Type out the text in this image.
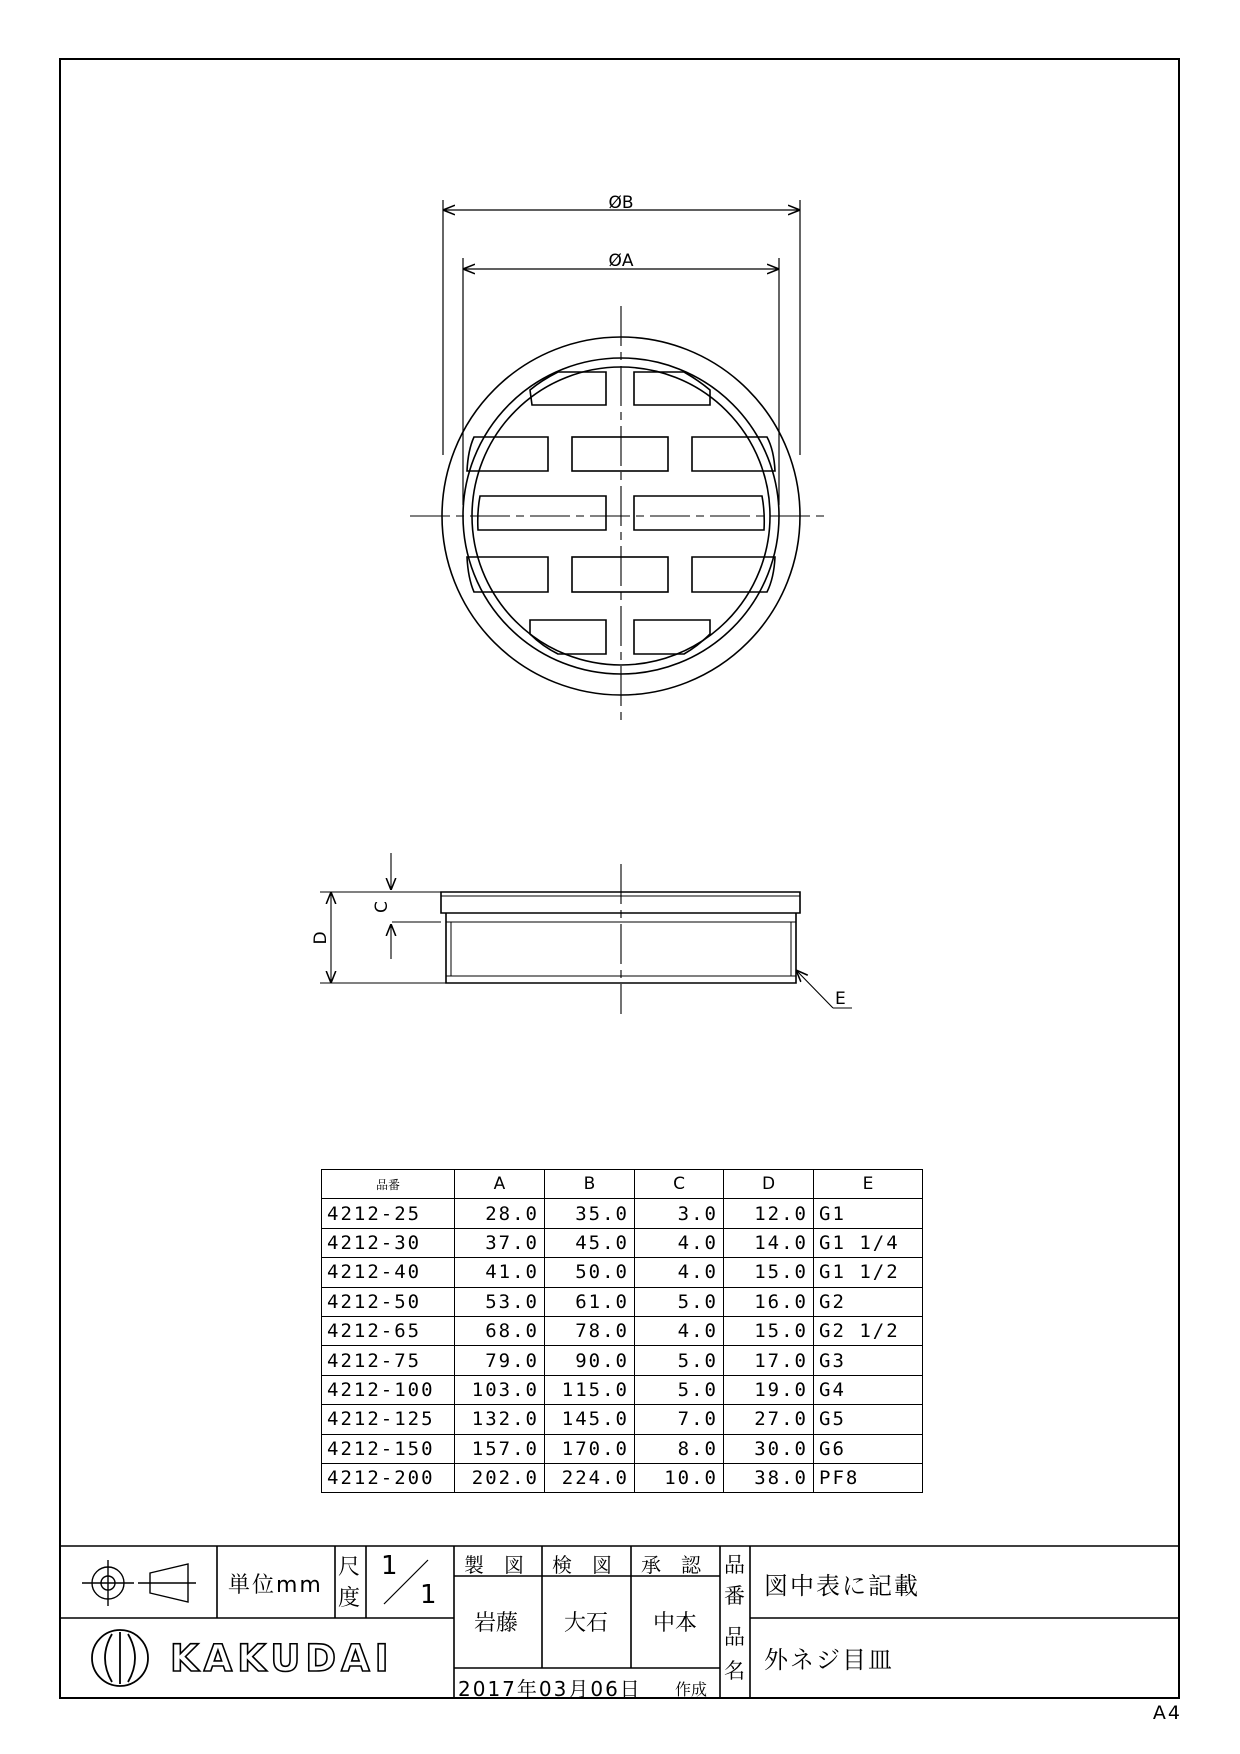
ØB
ØA
C
D
E
品番	A	B	C	D	E
4212-25	28.0	35.0	3.0	12.0	G1
4212-30	37.0	45.0	4.0	14.0	G1 1/4
4212-40	41.0	50.0	4.0	15.0	G1 1/2
4212-50	53.0	61.0	5.0	16.0	G2
4212-65	68.0	78.0	4.0	15.0	G2 1/2
4212-75	79.0	90.0	5.0	17.0	G3
4212-100	103.0	115.0	5.0	19.0	G4
4212-125	132.0	145.0	7.0	27.0	G5
4212-150	157.0	170.0	8.0	30.0	G6
4212-200	202.0	224.0	10.0	38.0	PF8
単位mm
尺
度
1
1
製　図 検　図 承　認
岩藤 大石 中本
2017年03月06日 作成
品
番 図中表に記載
品
名 外ネジ目皿
KAKUDAI
A4
